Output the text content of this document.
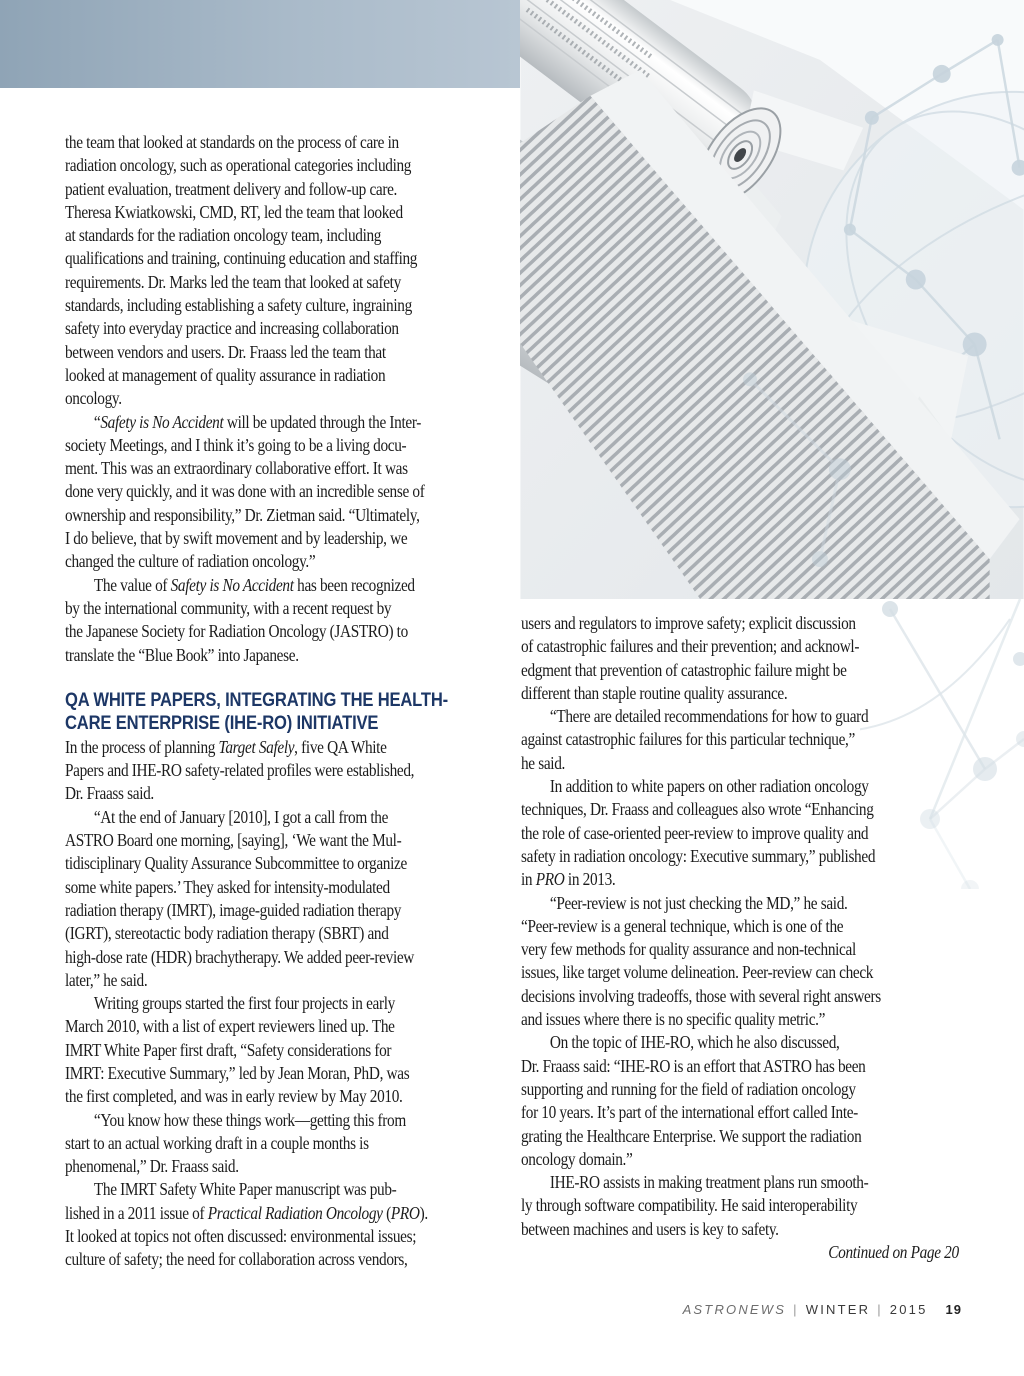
the team that looked at standards on the process of care in
radiation oncology, such as operational categories including
patient evaluation, treatment delivery and follow-up care.
Theresa Kwiatkowski, CMD, RT, led the team that looked
at standards for the radiation oncology team, including
qualifications and training, continuing education and staffing
requirements. Dr. Marks led the team that looked at safety
standards, including establishing a safety culture, ingraining
safety into everyday practice and increasing collaboration
between vendors and users. Dr. Fraass led the team that
looked at management of quality assurance in radiation
oncology.

“Safety is No Accident will be updated through the Inter-
society Meetings, and I think it’s going to be a living docu-
ment. This was an extraordinary collaborative effort. It was
done very quickly, and it was done with an incredible sense of
ownership and responsibility,” Dr. Zietman said. “Ultimately,
I do believe, that by swift movement and by leadership, we
changed the culture of radiation oncology.”

The value of Safety is No Accident has been recognized
by the international community, with a recent request by
the Japanese Society for Radiation Oncology (JASTRO) to
translate the “Blue Book” into Japanese.

QA WHITE PAPERS, INTEGRATING THE HEALTH-
CARE ENTERPRISE (IHE-RO) INITIATIVE

In the process of planning Target Safely, five QA White
Papers and IHE-RO safety-related profiles were established,
Dr. Fraass said.

“At the end of January [2010], I got a call from the
ASTRO Board one morning, [saying], ‘We want the Mul-
tidisciplinary Quality Assurance Subcommittee to organize
some white papers.’ They asked for intensity-modulated
radiation therapy (IMRT), image-guided radiation therapy
(IGRT), stereotactic body radiation therapy (SBRT) and
high-dose rate (HDR) brachytherapy. We added peer-review
later,” he said.

Writing groups started the first four projects in early
March 2010, with a list of expert reviewers lined up. The
IMRT White Paper first draft, “Safety considerations for
IMRT: Executive Summary,” led by Jean Moran, PhD, was
the first completed, and was in early review by May 2010.

“You know how these things work—getting this from
start to an actual working draft in a couple months is
phenomenal,” Dr. Fraass said.

The IMRT Safety White Paper manuscript was pub-
lished in a 2011 issue of Practical Radiation Oncology (PRO).
It looked at topics not often discussed: environmental issues;
culture of safety; the need for collaboration across vendors,

users and regulators to improve safety; explicit discussion
of catastrophic failures and their prevention; and acknowl-
edgment that prevention of catastrophic failure might be
different than staple routine quality assurance.

“There are detailed recommendations for how to guard
against catastrophic failures for this particular technique,”
he said.

In addition to white papers on other radiation oncology
techniques, Dr. Fraass and colleagues also wrote “Enhancing
the role of case-oriented peer-review to improve quality and
safety in radiation oncology: Executive summary,” published
in PRO in 2013.

“Peer-review is not just checking the MD,” he said.
“Peer-review is a general technique, which is one of the
very few methods for quality assurance and non-technical
issues, like target volume delineation. Peer-review can check
decisions involving tradeoffs, those with several right answers
and issues where there is no specific quality metric.”

On the topic of IHE-RO, which he also discussed,
Dr. Fraass said: “IHE-RO is an effort that ASTRO has been
supporting and running for the field of radiation oncology
for 10 years. It’s part of the international effort called Inte-
grating the Healthcare Enterprise. We support the radiation
oncology domain.”

IHE-RO assists in making treatment plans run smooth-
ly through software compatibility. He said interoperability
between machines and users is key to safety.

Continued on Page 20

ASTRONEWS | WINTER | 2015 19
